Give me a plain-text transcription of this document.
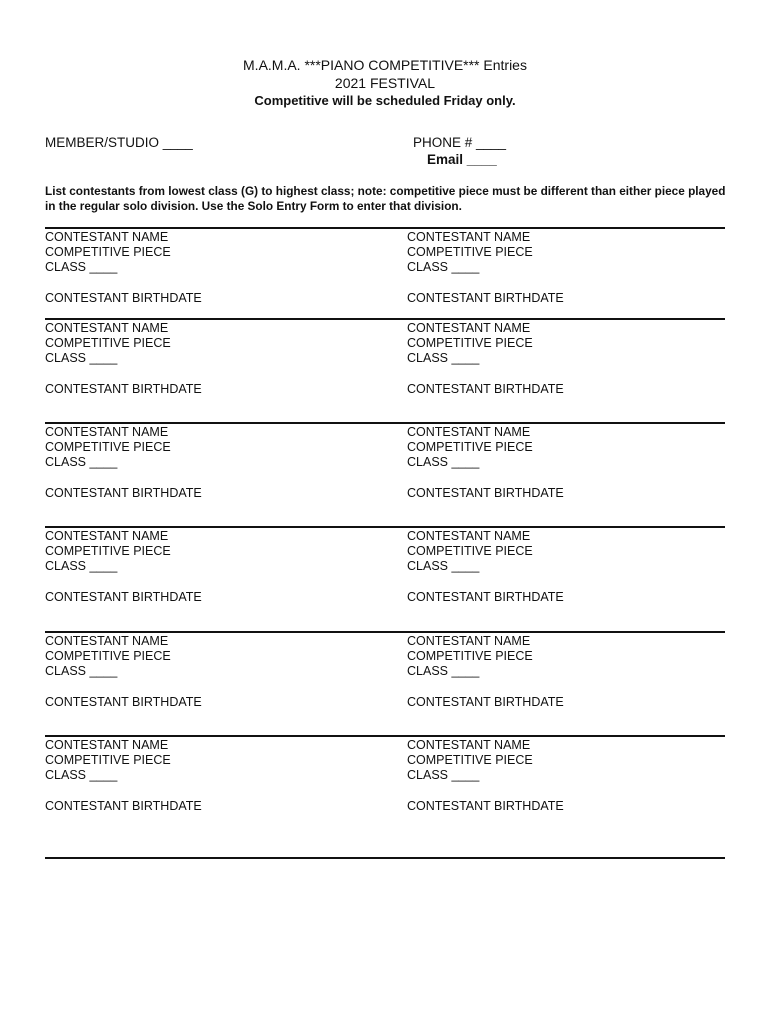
M.A.M.A. ***PIANO COMPETITIVE*** Entries
2021 FESTIVAL
Competitive will be scheduled Friday only.
MEMBER/STUDIO ____	PHONE # ____
Email ____
List contestants from lowest class (G) to highest class; note: competitive piece must be different than either piece played in the regular solo division. Use the Solo Entry Form to enter that division.
CONTESTANT NAME
COMPETITIVE PIECE
CLASS ____
CONTESTANT BIRTHDATE
CONTESTANT NAME
COMPETITIVE PIECE
CLASS ____
CONTESTANT BIRTHDATE
CONTESTANT NAME
COMPETITIVE PIECE
CLASS ____
CONTESTANT BIRTHDATE
CONTESTANT NAME
COMPETITIVE PIECE
CLASS ____
CONTESTANT BIRTHDATE
CONTESTANT NAME
COMPETITIVE PIECE
CLASS ____
CONTESTANT BIRTHDATE
CONTESTANT NAME
COMPETITIVE PIECE
CLASS ____
CONTESTANT BIRTHDATE
CONTESTANT NAME
COMPETITIVE PIECE
CLASS ____
CONTESTANT BIRTHDATE
CONTESTANT NAME
COMPETITIVE PIECE
CLASS ____
CONTESTANT BIRTHDATE
CONTESTANT NAME
COMPETITIVE PIECE
CLASS ____
CONTESTANT BIRTHDATE
CONTESTANT NAME
COMPETITIVE PIECE
CLASS ____
CONTESTANT BIRTHDATE
CONTESTANT NAME
COMPETITIVE PIECE
CLASS ____
CONTESTANT BIRTHDATE
CONTESTANT NAME
COMPETITIVE PIECE
CLASS ____
CONTESTANT BIRTHDATE
